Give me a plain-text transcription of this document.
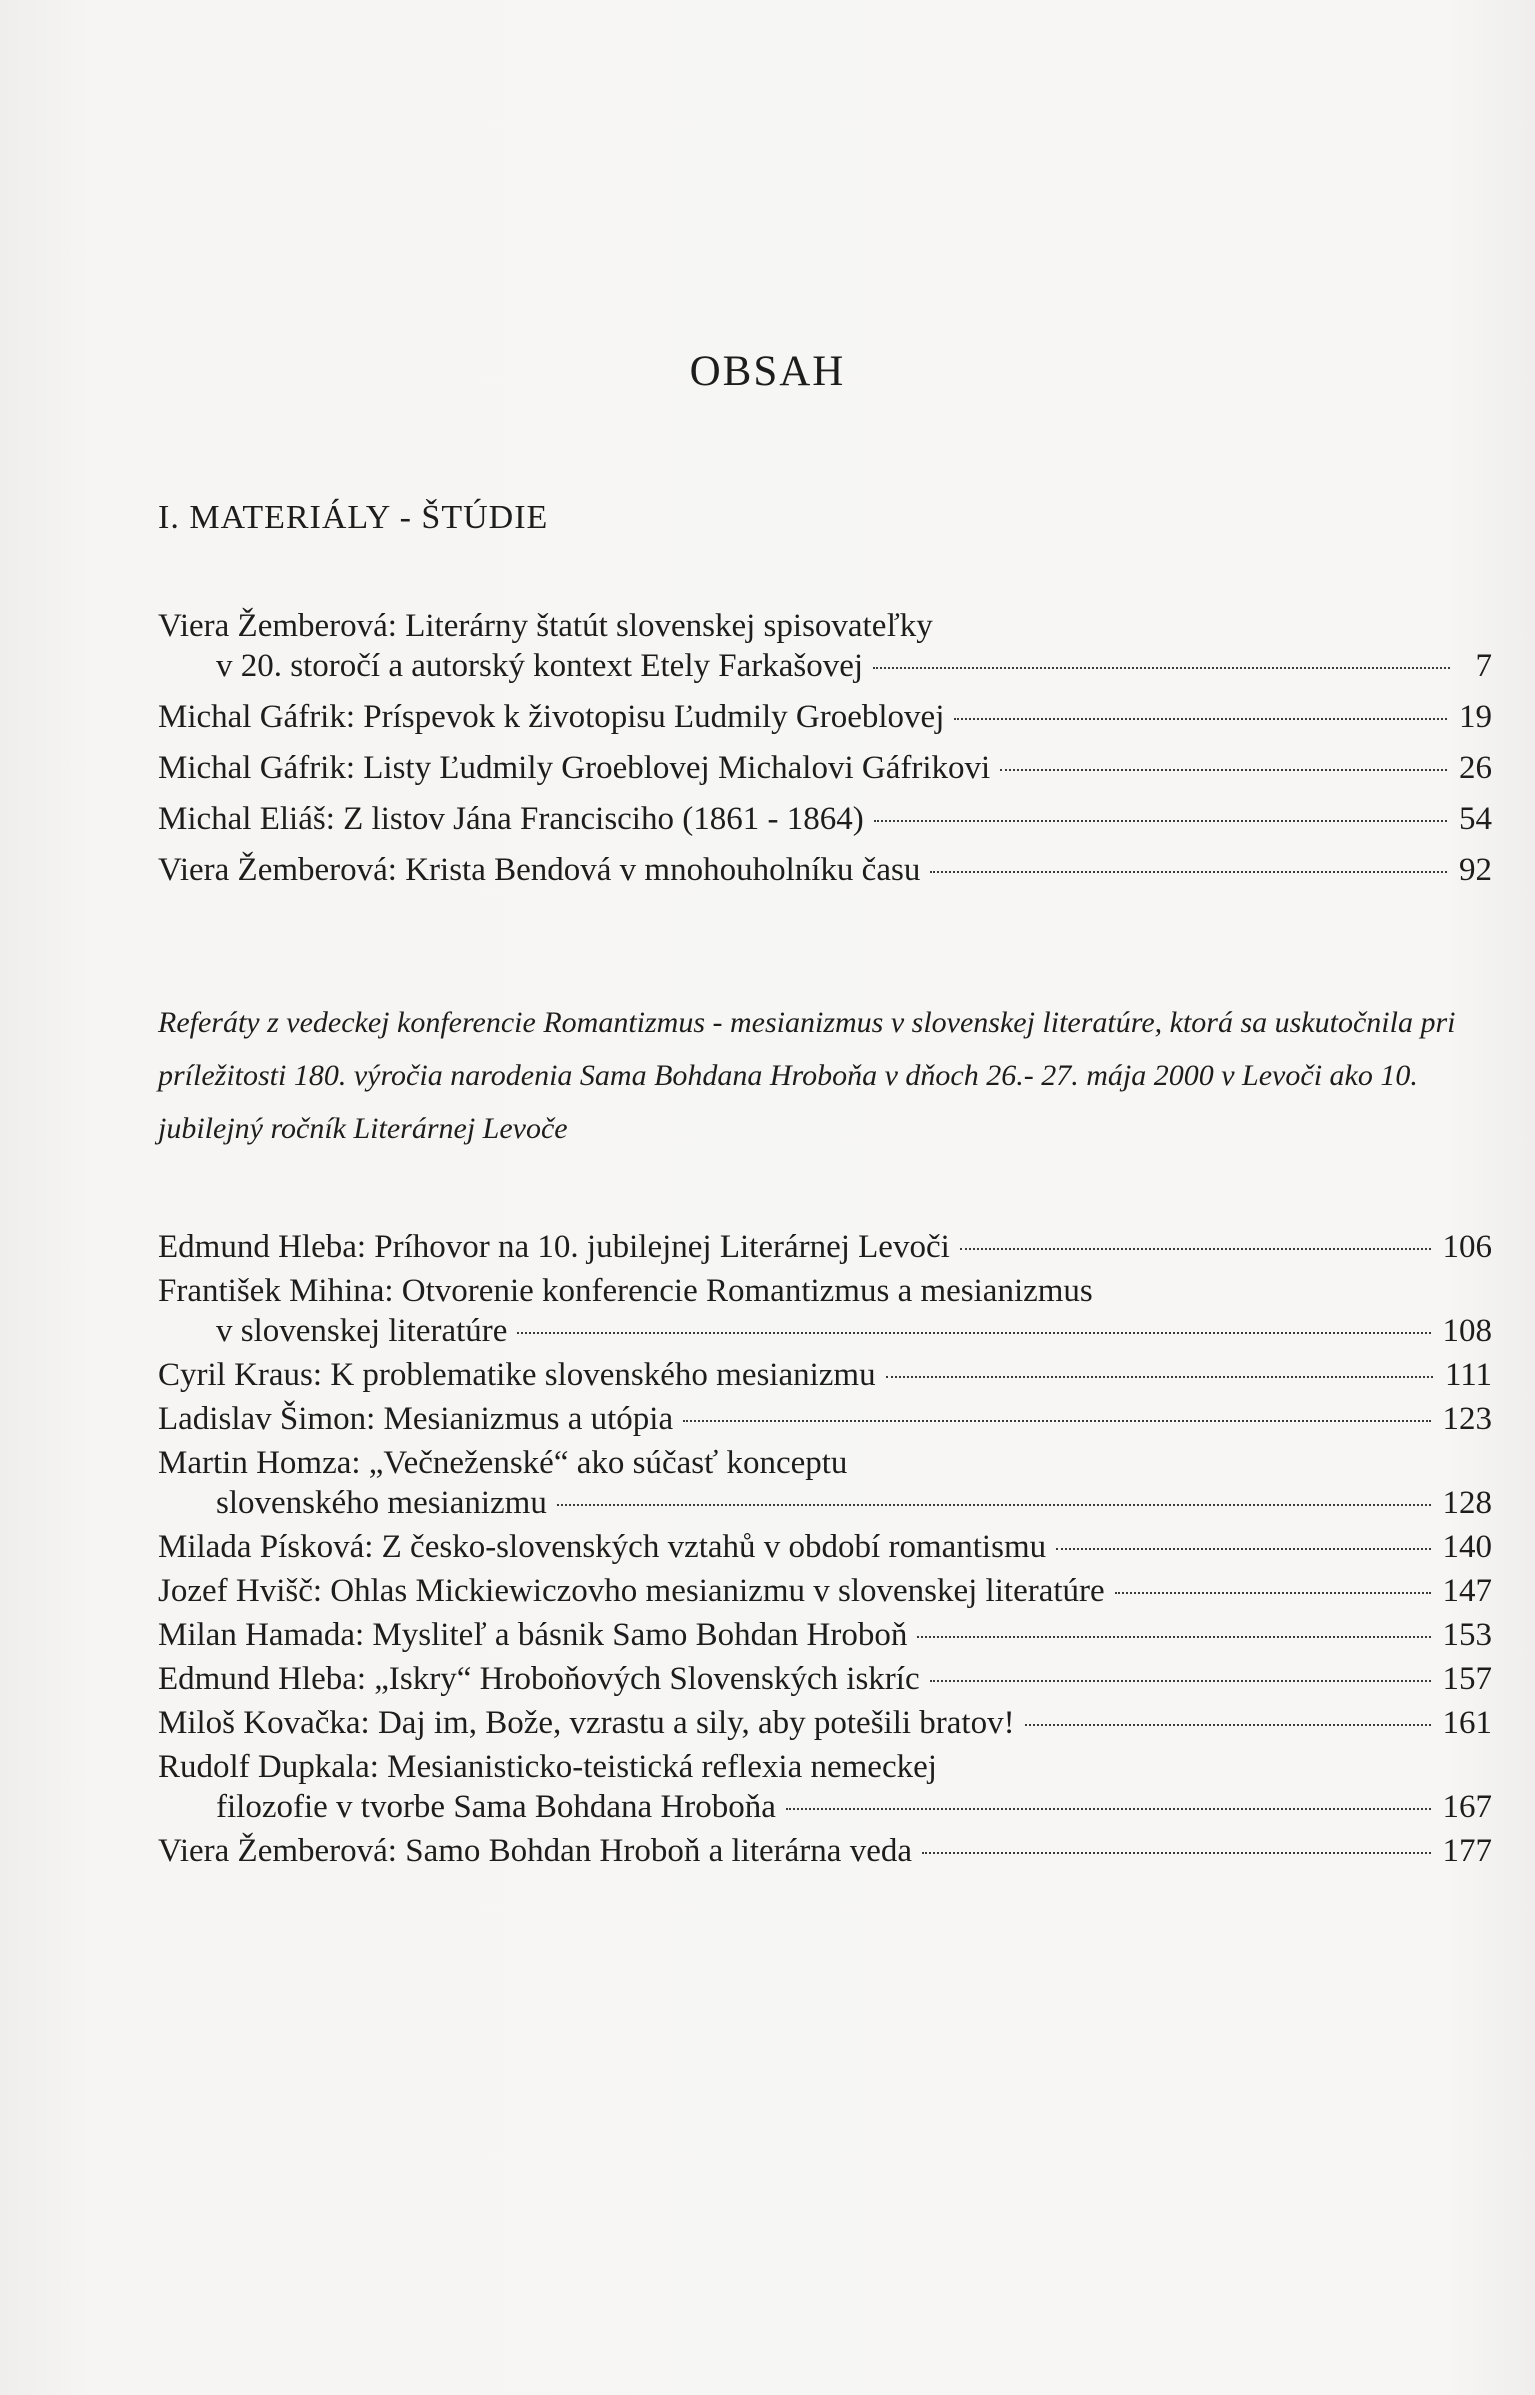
OBSAH
I. MATERIÁLY - ŠTÚDIE
Viera Žemberová: Literárny štatút slovenskej spisovateľky
v 20. storočí a autorský kontext Etely Farkašovej	7
Michal Gáfrik: Príspevok k životopisu Ľudmily Groeblovej	19
Michal Gáfrik: Listy Ľudmily Groeblovej Michalovi Gáfrikovi	26
Michal Eliáš: Z listov Jána Francisciho (1861 - 1864)	54
Viera Žemberová: Krista Bendová v mnohouholníku času	92
Referáty z vedeckej konferencie Romantizmus - mesianizmus v slovenskej literatúre, ktorá sa uskutočnila pri príležitosti 180. výročia narodenia Sama Bohdana Hroboňa v dňoch 26.- 27. mája 2000 v Levoči ako 10. jubilejný ročník Literárnej Levoče
Edmund Hleba: Príhovor na 10. jubilejnej Literárnej Levoči	106
František Mihina: Otvorenie konferencie Romantizmus a mesianizmus
v slovenskej literatúre	108
Cyril Kraus: K problematike slovenského mesianizmu	111
Ladislav Šimon: Mesianizmus a utópia	123
Martin Homza: „Večneženské“ ako súčasť konceptu
slovenského mesianizmu	128
Milada Písková: Z česko-slovenských vztahů v období romantismu	140
Jozef Hvišč: Ohlas Mickiewiczovho mesianizmu v slovenskej literatúre	147
Milan Hamada: Mysliteľ a básnik Samo Bohdan Hroboň	153
Edmund Hleba: „Iskry“ Hroboňových Slovenských iskríc	157
Miloš Kovačka: Daj im, Bože, vzrastu a sily, aby potešili bratov!	161
Rudolf Dupkala: Mesianisticko-teistická reflexia nemeckej
filozofie v tvorbe Sama Bohdana Hroboňa	167
Viera Žemberová: Samo Bohdan Hroboň a literárna veda	177
